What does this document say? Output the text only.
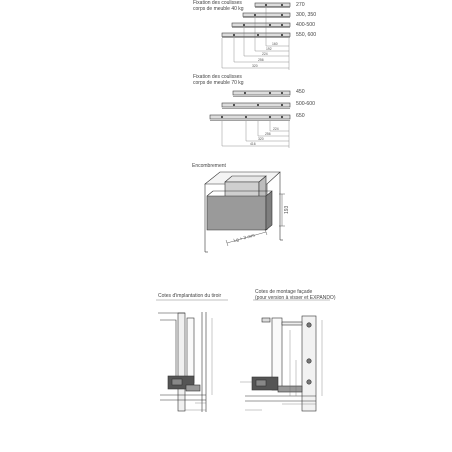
Fixation des coulisses
corps de meuble 40 kg
270
300, 350
400-500
550, 600
Fixation des coulisses
corps de meuble 70 kg
450
500-600
650
Encombrement
Cotes d'implantation du tiroir
Cotes de montage façade
(pour version à visser et EXPANDO)
160
192
224
256
320
224
256
320
416
193
Lg + 3 mm
